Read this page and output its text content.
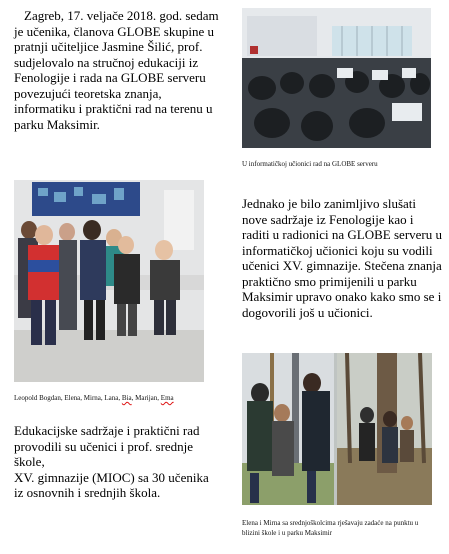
Zagreb, 17. veljače 2018. god. sedam je učenika, članova GLOBE skupine u pratnji učiteljice Jasmine Šilić, prof. sudjelovalo na stručnoj edukaciji iz Fenologije i rada na GLOBE serveru povezujući teoretska znanja, informatiku i praktični rad na terenu u parku Maksimir.
U informatičkoj učionici rad na GLOBE serveru
Leopold Bogdan, Elena, Mirna, Lana, Bia, Marijan, Ema
Jednako je bilo zanimljivo slušati nove sadržaje iz Fenologije kao i raditi u radionici na GLOBE serveru u informatičkoj učionici koju su vodili učenici XV. gimnazije. Stečena znanja praktično smo primijenili u parku Maksimir upravo onako kako smo se i dogovorili još u učionici.
Edukacijske sadržaje i praktični rad provodili su učenici i prof. srednje škole,
XV. gimnazije (MIOC) sa 30 učenika iz osnovnih i srednjih škola.
Elena i Mirna sa srednjoškolcima rješavaju zadaće na punktu u blizini škole i u parku Maksimir
